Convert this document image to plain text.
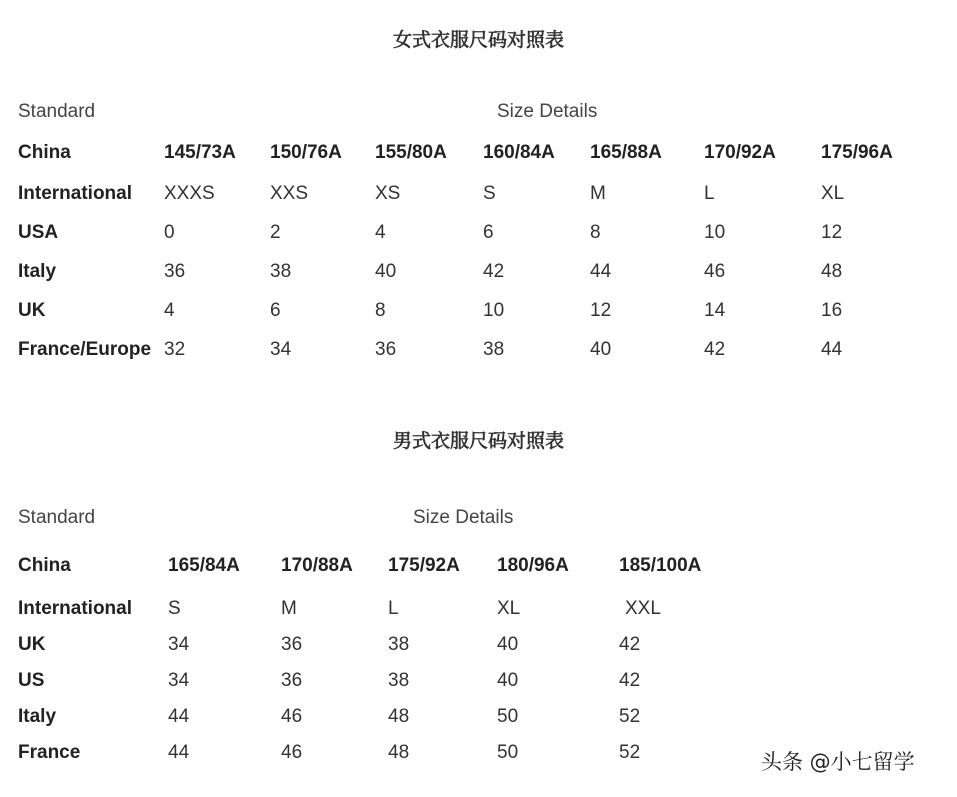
女式衣服尺码对照表
Standard	Size Details
China	145/73A 150/76A 155/80A 160/84A 165/88A 170/92A 175/96A
International XXXS	XXS	XS	S	M	L	XL
USA	0	2	4	6	8	10	12
Italy	36	38	40	42	44	46	48
UK	4	6	8	10	12	14	16
France/Europe 32	34	36	38	40	42	44
男式衣服尺码对照表
Standard	Size Details
China	165/84A 170/88A 175/92A 180/96A	185/100A
International S	M	L	XL	XXL
UK	34	36	38	40	42
US	34	36	38	40	42
Italy	44	46	48	50	52
France	44	46	48	50	52	头条 @小七留学
